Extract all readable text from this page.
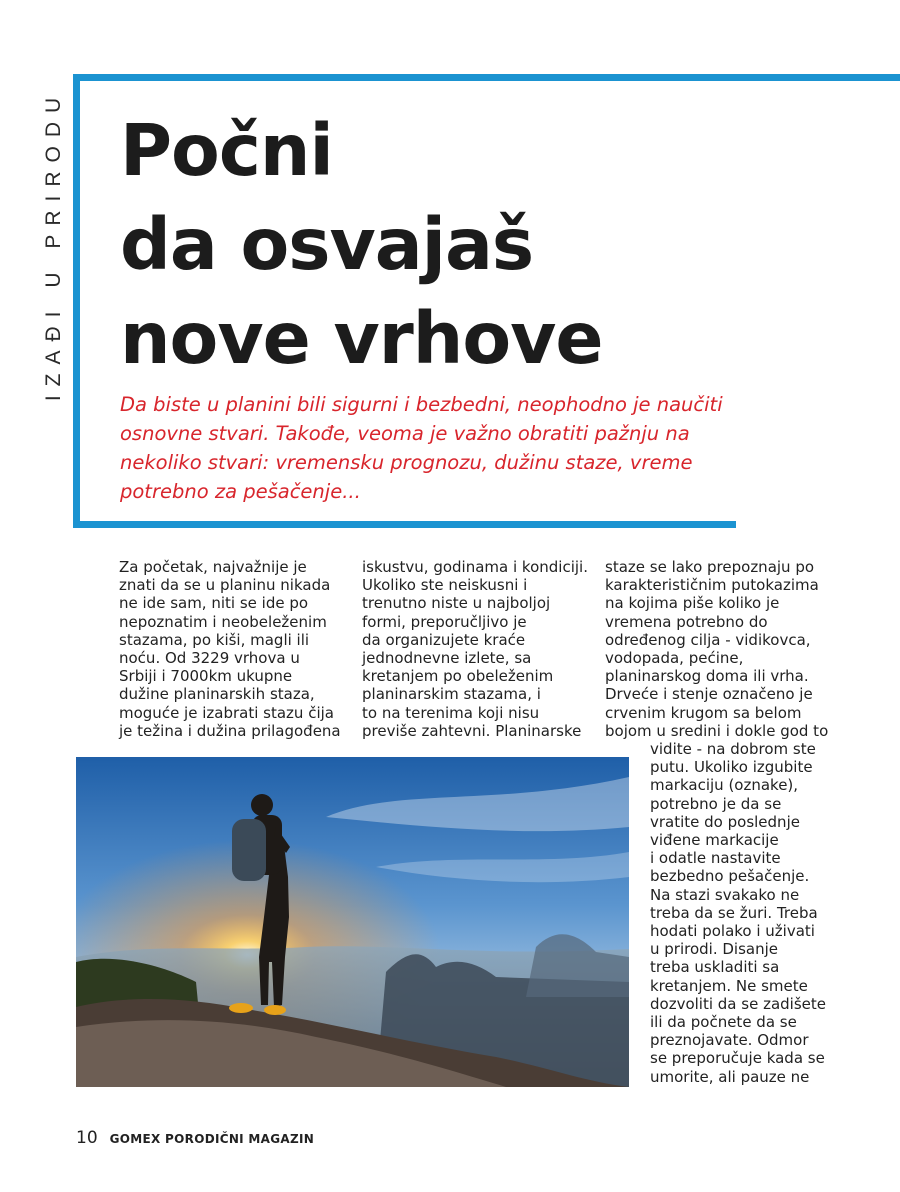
IZAĐI U PRIRODU Počni
da osvajaš
nove vrhove

Da biste u planini bili sigurni i bezbedni, neophodno je naučiti osnovne stvari. Takođe, veoma je važno obratiti pažnju na nekoliko stvari: vremensku prognozu, dužinu staze, vreme potrebno za pešačenje...

Za početak, najvažnije je
znati da se u planinu nikada
ne ide sam, niti se ide po
nepoznatim i neobeleženim
stazama, po kiši, magli ili
noću. Od 3229 vrhova u
Srbiji i 7000km ukupne
dužine planinarskih staza,
moguće je izabrati stazu čija
je težina i dužina prilagođena
iskustvu, godinama i kondiciji.
Ukoliko ste neiskusni i
trenutno niste u najboljoj
formi, preporučljivo je
da organizujete kraće
jednodnevne izlete, sa
kretanjem po obeleženim
planinarskim stazama, i
to na terenima koji nisu
previše zahtevni. Planinarske
staze se lako prepoznaju po
karakterističnim putokazima
na kojima piše koliko je
vremena potrebno do
određenog cilja - vidikovca,
vodopada, pećine,
planinarskog doma ili vrha.
Drveće i stenje označeno je
crvenim krugom sa belom
bojom u sredini i dokle god to
vidite - na dobrom ste
putu. Ukoliko izgubite
markaciju (oznake),
potrebno je da se
vratite do poslednje
viđene markacije
i odatle nastavite
bezbedno pešačenje.
Na stazi svakako ne
treba da se žuri. Treba
hodati polako i uživati
u prirodi. Disanje
treba uskladiti sa
kretanjem. Ne smete
dozvoliti da se zadišete
ili da počnete da se
preznojavate. Odmor
se preporučuje kada se
umorite, ali pauze ne
10 GOMEX PORODIČNI MAGAZIN
